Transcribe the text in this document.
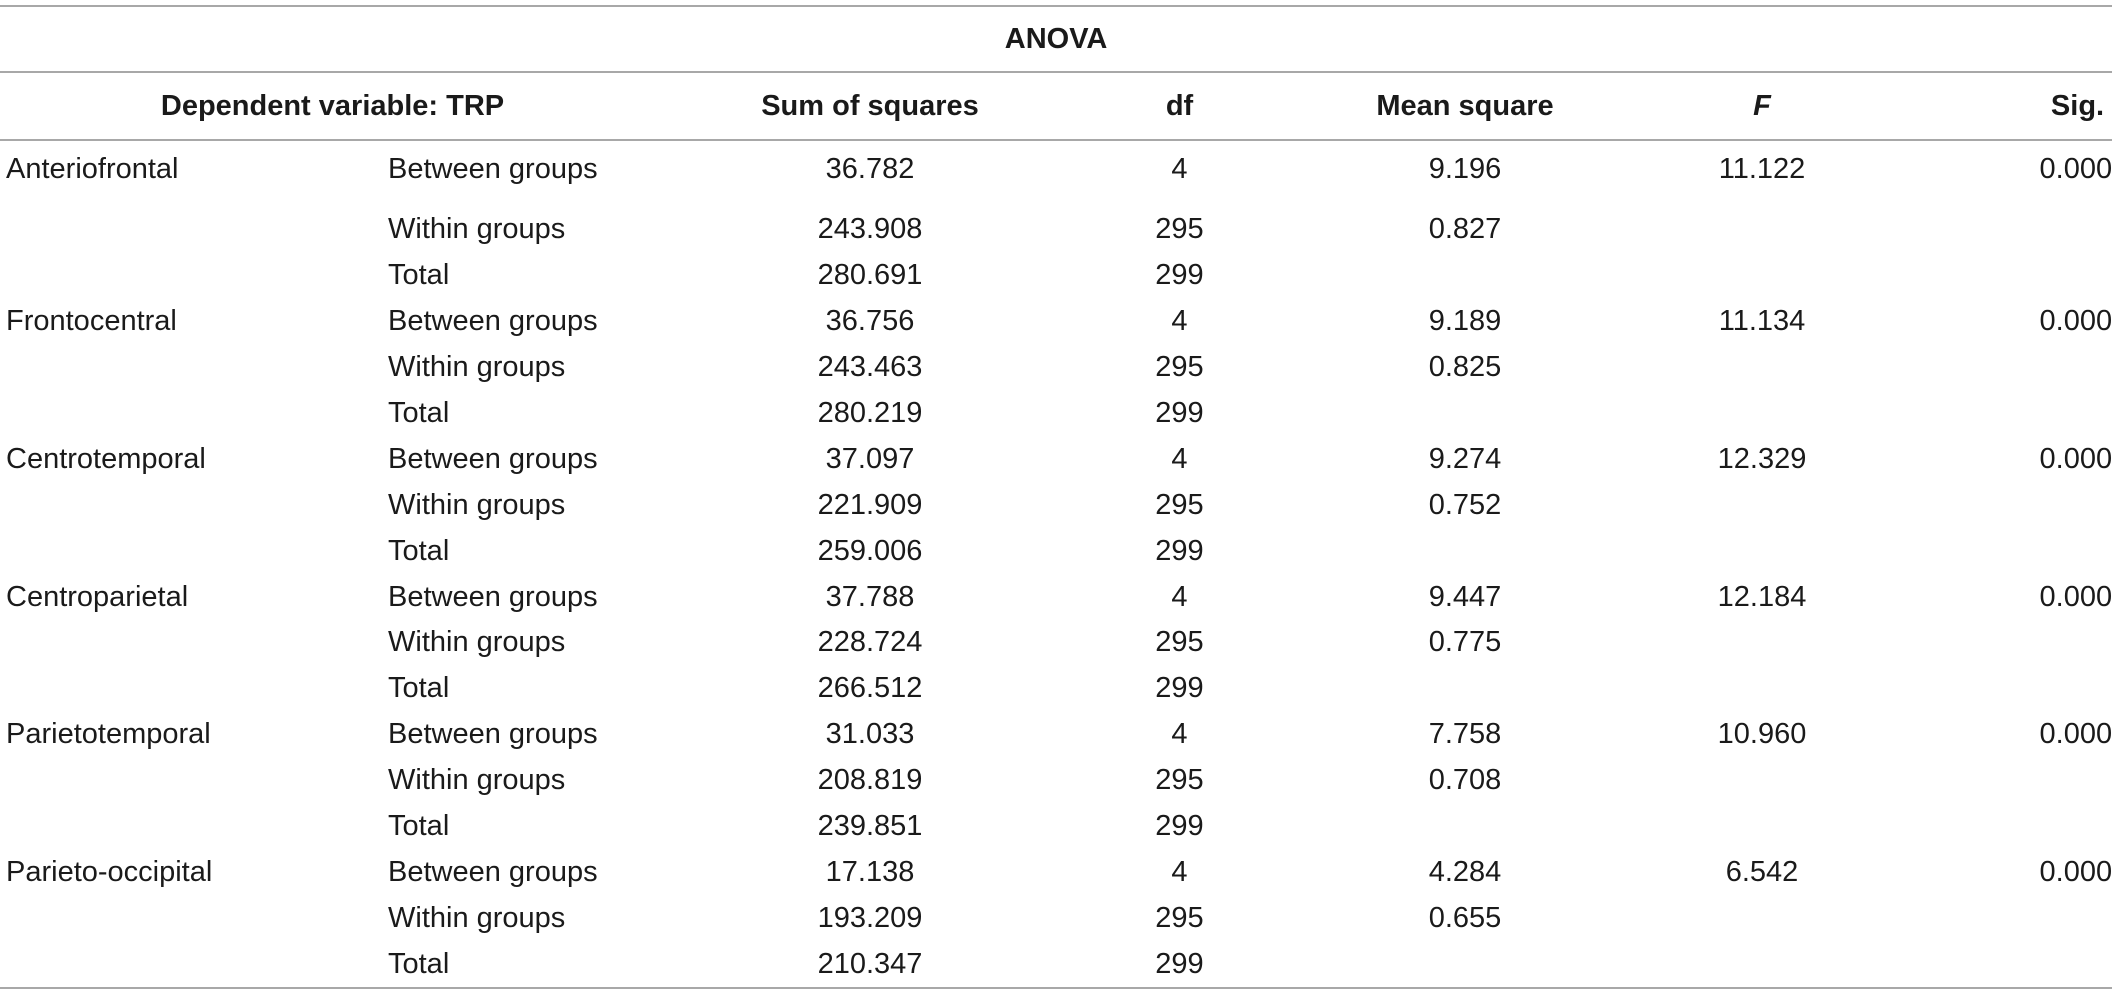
ANOVA						
Dependent variable: TRP		Sum of squares	df	Mean square	F	Sig.
Anteriofrontal	Between groups	36.782	4	9.196	11.122	0.000
	Within groups	243.908	295	0.827		
	Total	280.691	299			
Frontocentral	Between groups	36.756	4	9.189	11.134	0.000
	Within groups	243.463	295	0.825		
	Total	280.219	299			
Centrotemporal	Between groups	37.097	4	9.274	12.329	0.000
	Within groups	221.909	295	0.752		
	Total	259.006	299			
Centroparietal	Between groups	37.788	4	9.447	12.184	0.000
	Within groups	228.724	295	0.775		
	Total	266.512	299			
Parietotemporal	Between groups	31.033	4	7.758	10.960	0.000
	Within groups	208.819	295	0.708		
	Total	239.851	299			
Parieto-occipital	Between groups	17.138	4	4.284	6.542	0.000
	Within groups	193.209	295	0.655		
	Total	210.347	299			
